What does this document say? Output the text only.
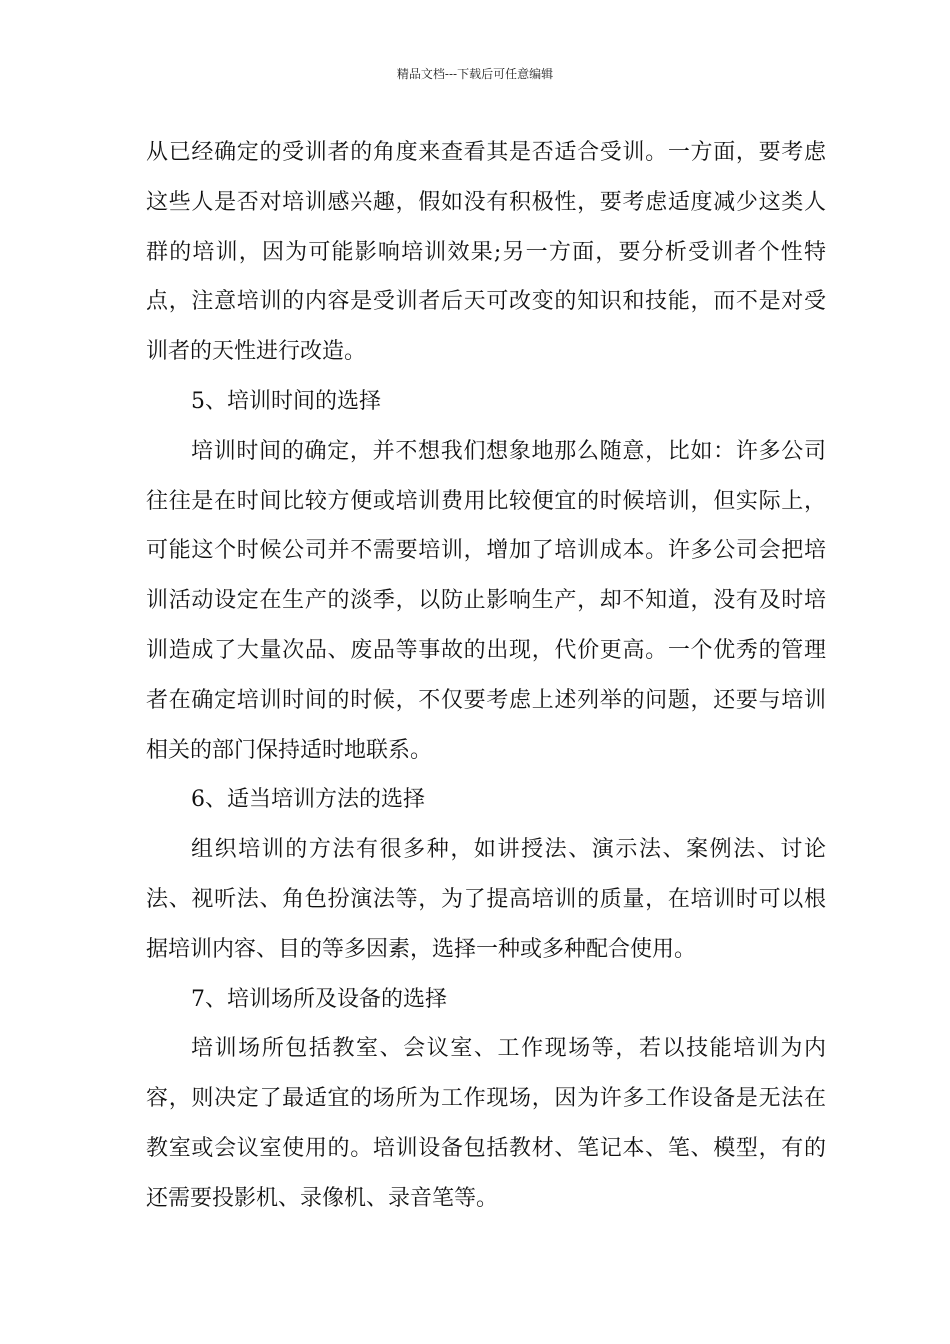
精品文档---下载后可任意编辑

从已经确定的受训者的角度来查看其是否适合受训。一方面，要考虑这些人是否对培训感兴趣，假如没有积极性，要考虑适度减少这类人群的培训，因为可能影响培训效果;另一方面，要分析受训者个性特点，注意培训的内容是受训者后天可改变的知识和技能，而不是对受训者的天性进行改造。

5、培训时间的选择

培训时间的确定，并不想我们想象地那么随意，比如：许多公司往往是在时间比较方便或培训费用比较便宜的时候培训，但实际上，可能这个时候公司并不需要培训，增加了培训成本。许多公司会把培训活动设定在生产的淡季，以防止影响生产，却不知道，没有及时培训造成了大量次品、废品等事故的出现，代价更高。一个优秀的管理者在确定培训时间的时候，不仅要考虑上述列举的问题，还要与培训相关的部门保持适时地联系。

6、适当培训方法的选择

组织培训的方法有很多种，如讲授法、演示法、案例法、讨论法、视听法、角色扮演法等，为了提高培训的质量，在培训时可以根据培训内容、目的等多因素，选择一种或多种配合使用。

7、培训场所及设备的选择

培训场所包括教室、会议室、工作现场等，若以技能培训为内容，则决定了最适宜的场所为工作现场，因为许多工作设备是无法在教室或会议室使用的。培训设备包括教材、笔记本、笔、模型，有的还需要投影机、录像机、录音笔等。
